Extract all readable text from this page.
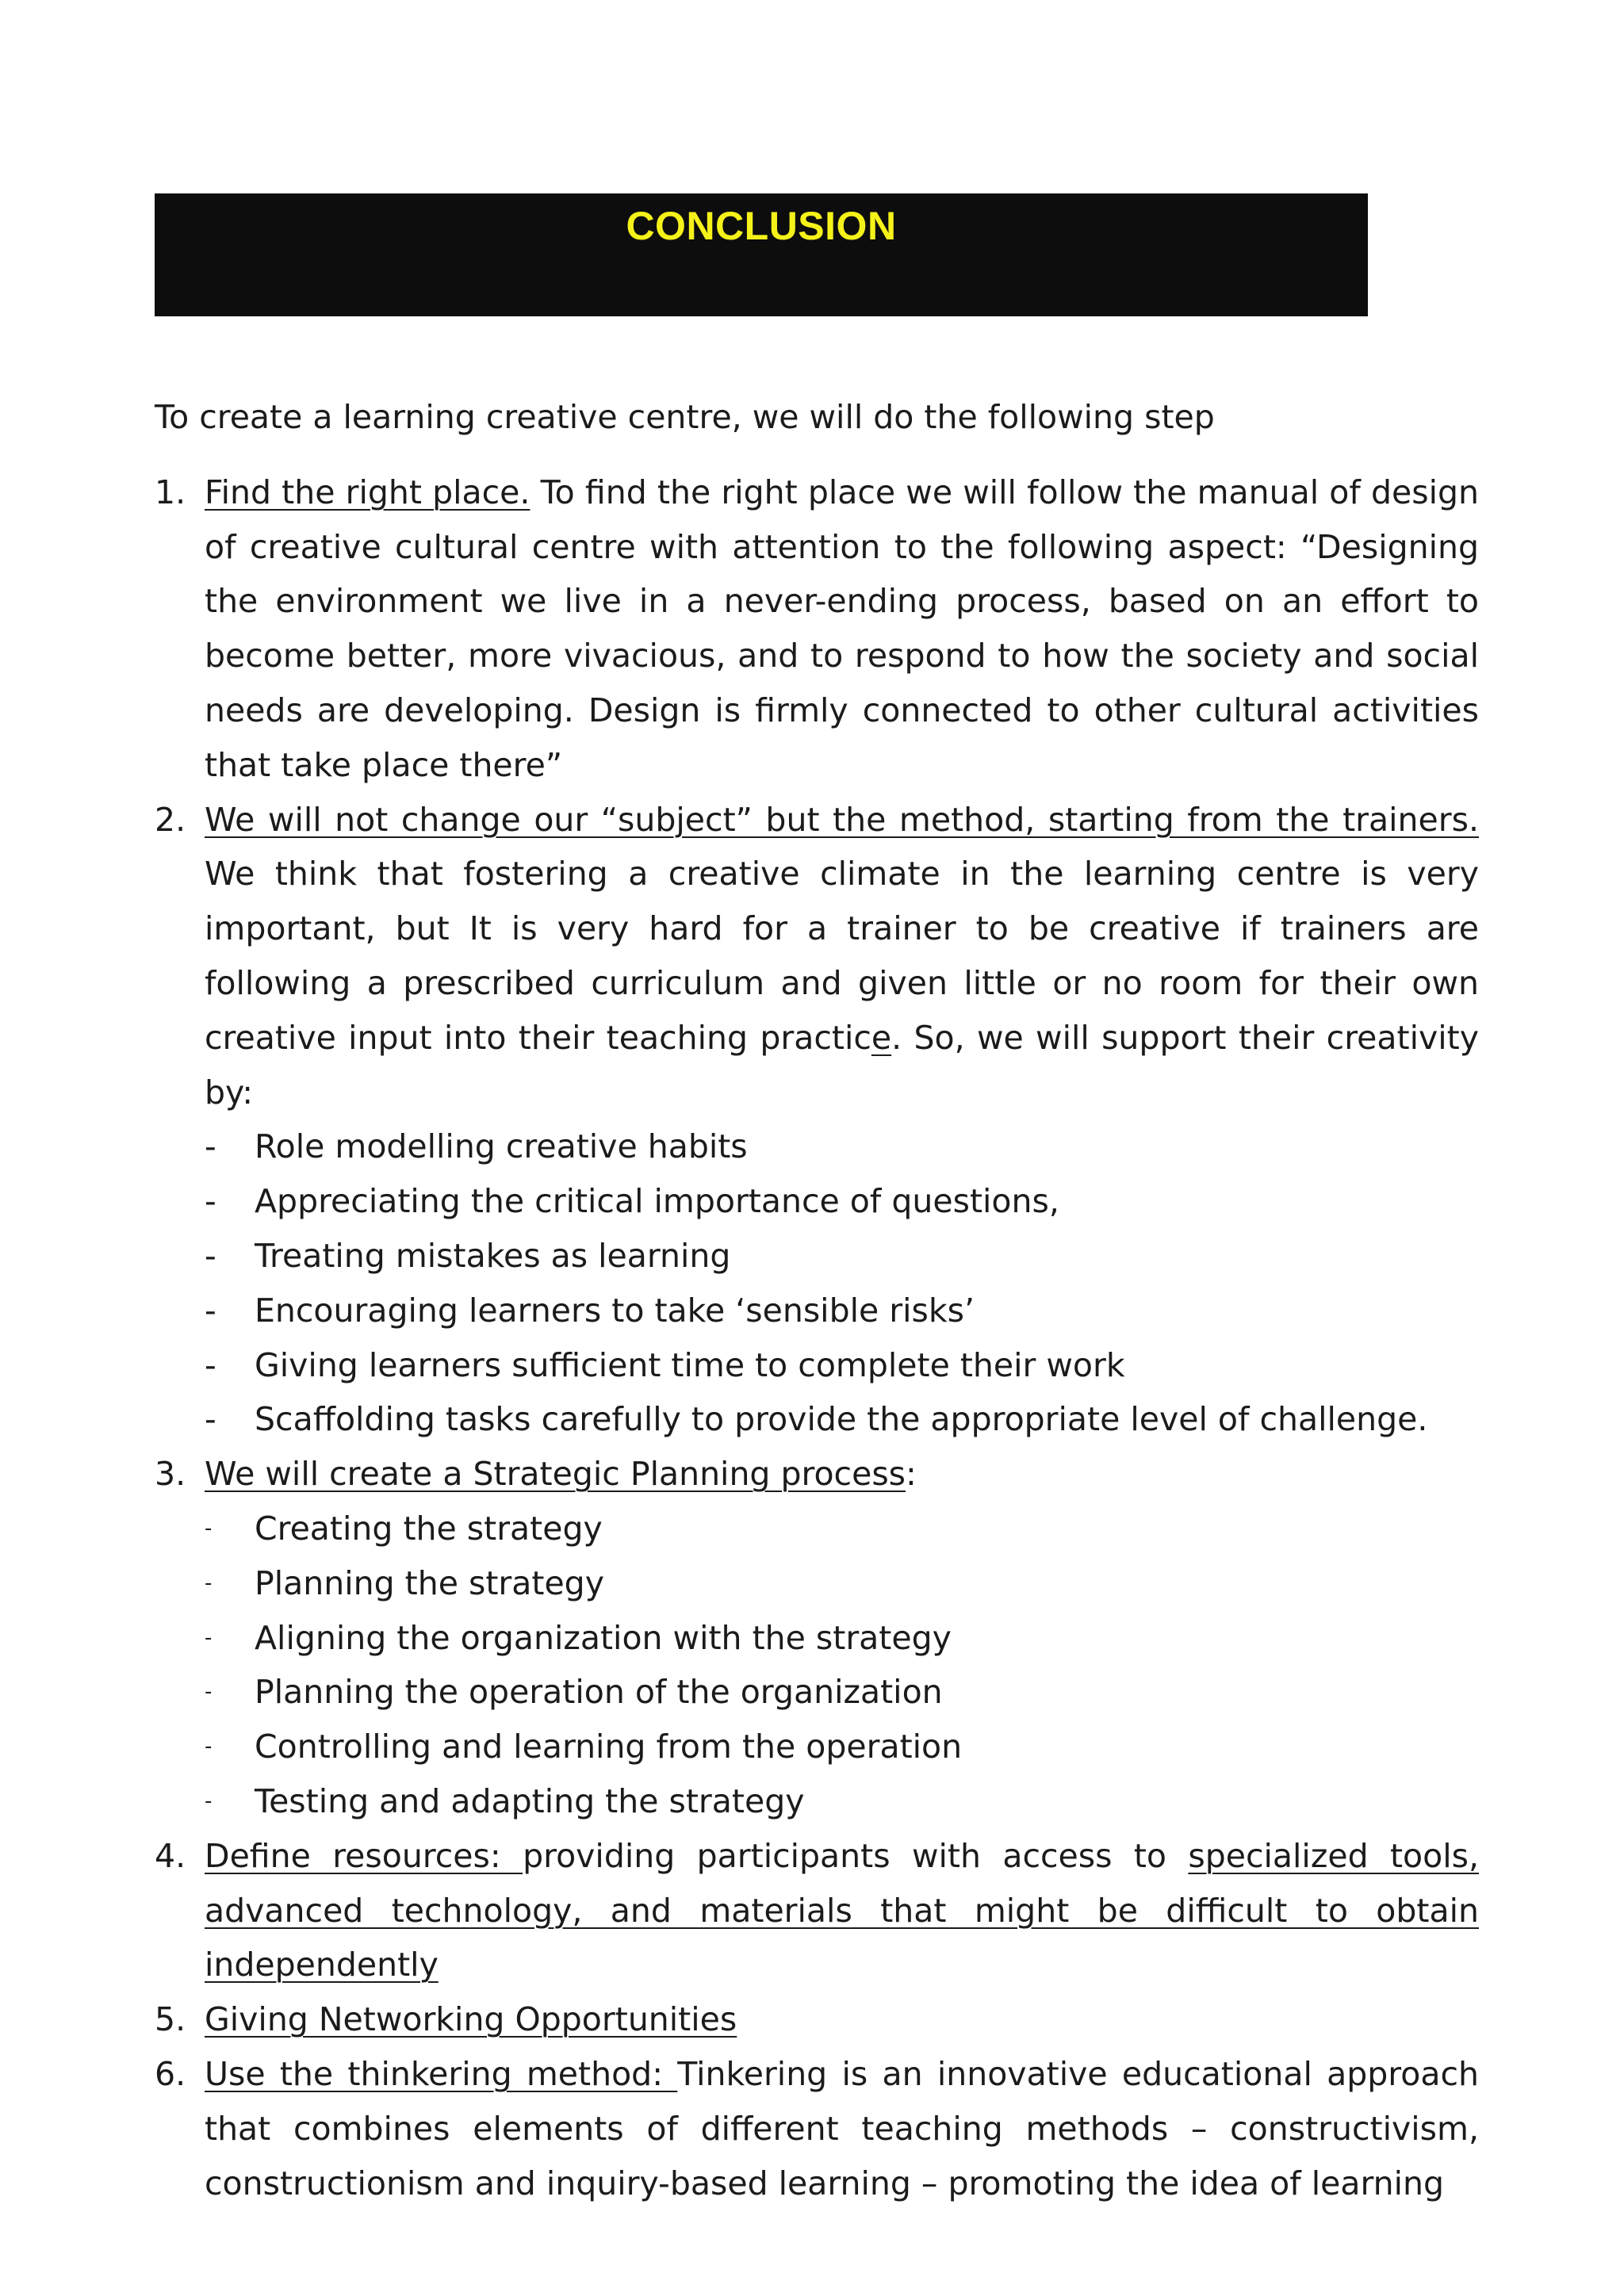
CONCLUSION

To create a learning creative centre, we will do the following step

1. Find the right place. To find the right place we will follow the manual of design of creative cultural centre with attention to the following aspect: “Designing the environment we live in a never-ending process, based on an effort to become better, more vivacious, and to respond to how the society and social needs are developing. Design is firmly connected to other cultural activities that take place there”
2. We will not change our “subject” but the method, starting from the trainers. We think that fostering a creative climate in the learning centre is very important, but It is very hard for a trainer to be creative if trainers are following a prescribed curriculum and given little or no room for their own creative input into their teaching practice. So, we will support their creativity by:
- Role modelling creative habits
- Appreciating the critical importance of questions,
- Treating mistakes as learning
- Encouraging learners to take ‘sensible risks’
- Giving learners sufficient time to complete their work
- Scaffolding tasks carefully to provide the appropriate level of challenge.
3. We will create a Strategic Planning process:
- Creating the strategy
- Planning the strategy
- Aligning the organization with the strategy
- Planning the operation of the organization
- Controlling and learning from the operation
- Testing and adapting the strategy
4. Define resources: providing participants with access to specialized tools, advanced technology, and materials that might be difficult to obtain independently
5. Giving Networking Opportunities
6. Use the thinkering method: Tinkering is an innovative educational approach that combines elements of different teaching methods – constructivism, constructionism and inquiry-based learning – promoting the idea of learning
